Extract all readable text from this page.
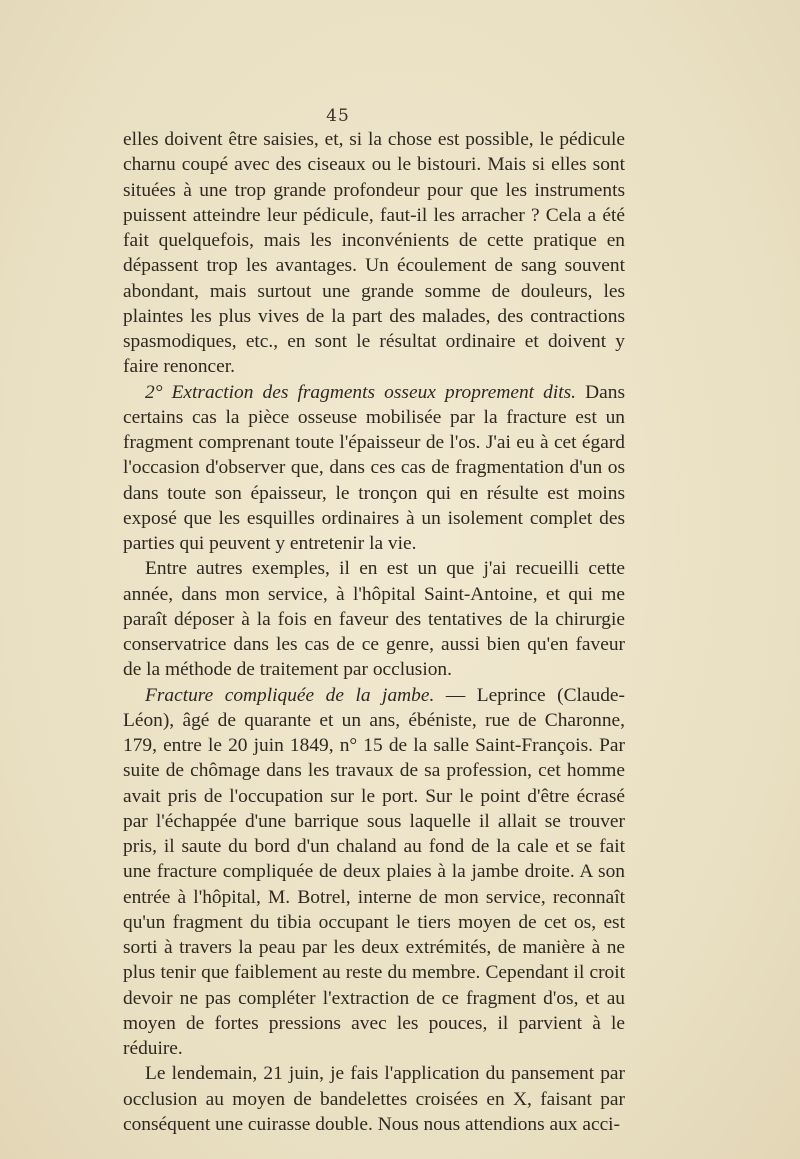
45

elles doivent être saisies, et, si la chose est possible, le pédicule charnu coupé avec des ciseaux ou le bistouri. Mais si elles sont situées à une trop grande profondeur pour que les instruments puissent atteindre leur pédicule, faut-il les arracher ? Cela a été fait quelquefois, mais les inconvénients de cette pratique en dépassent trop les avantages. Un écoulement de sang souvent abondant, mais surtout une grande somme de douleurs, les plaintes les plus vives de la part des malades, des contractions spasmodiques, etc., en sont le résultat ordinaire et doivent y faire renoncer.

2° Extraction des fragments osseux proprement dits. Dans certains cas la pièce osseuse mobilisée par la fracture est un fragment comprenant toute l'épaisseur de l'os. J'ai eu à cet égard l'occasion d'observer que, dans ces cas de fragmentation d'un os dans toute son épaisseur, le tronçon qui en résulte est moins exposé que les esquilles ordinaires à un isolement complet des parties qui peuvent y entretenir la vie.

Entre autres exemples, il en est un que j'ai recueilli cette année, dans mon service, à l'hôpital Saint-Antoine, et qui me paraît déposer à la fois en faveur des tentatives de la chirurgie conservatrice dans les cas de ce genre, aussi bien qu'en faveur de la méthode de traitement par occlusion.

Fracture compliquée de la jambe. — Leprince (Claude-Léon), âgé de quarante et un ans, ébéniste, rue de Charonne, 179, entre le 20 juin 1849, n° 15 de la salle Saint-François. Par suite de chômage dans les travaux de sa profession, cet homme avait pris de l'occupation sur le port. Sur le point d'être écrasé par l'échappée d'une barrique sous laquelle il allait se trouver pris, il saute du bord d'un chaland au fond de la cale et se fait une fracture compliquée de deux plaies à la jambe droite. A son entrée à l'hôpital, M. Botrel, interne de mon service, reconnaît qu'un fragment du tibia occupant le tiers moyen de cet os, est sorti à travers la peau par les deux extrémités, de manière à ne plus tenir que faiblement au reste du membre. Cependant il croit devoir ne pas compléter l'extraction de ce fragment d'os, et au moyen de fortes pressions avec les pouces, il parvient à le réduire.

Le lendemain, 21 juin, je fais l'application du pansement par occlusion au moyen de bandelettes croisées en X, faisant par conséquent une cuirasse double. Nous nous attendions aux acci-
